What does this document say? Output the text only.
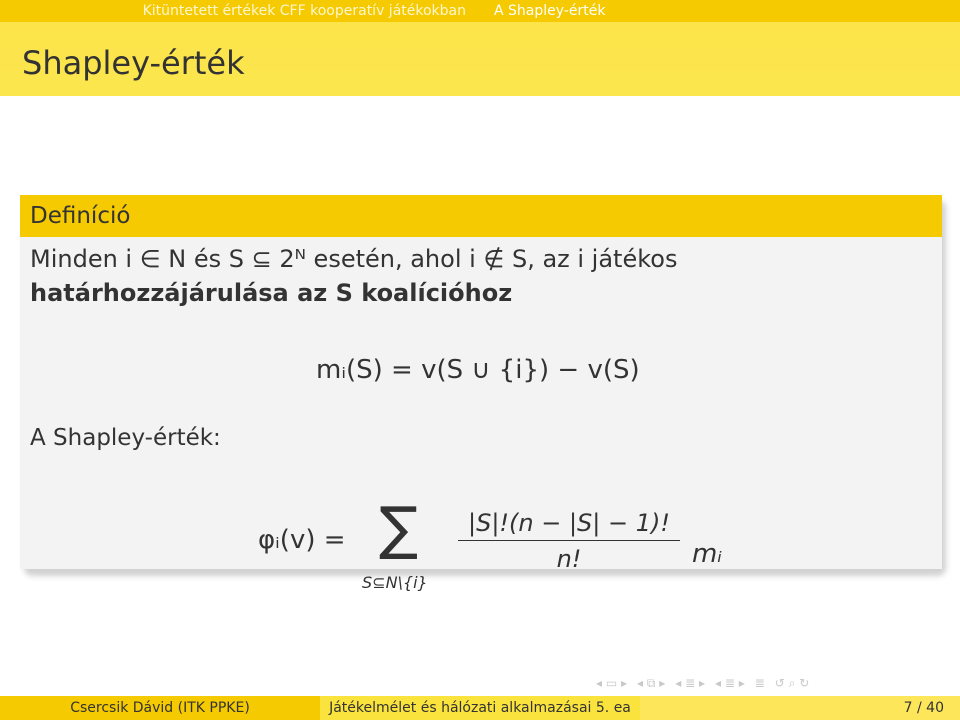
Kitüntetett értékek CFF kooperatív játékokban	A Shapley-érték
Shapley-érték
Definíció
Minden i ∈ N és S ⊆ 2ᴺ esetén, ahol i ∉ S, az i játékos
határhozzájárulása az S koalícióhoz
mᵢ(S) = v(S ∪ {i}) − v(S)
A Shapley-érték:
φᵢ(v) = ∑
S⊆N\{i}
|S|!(n − |S| − 1)!
n!	mᵢ
◂ ▭ ▸ ◂ ⧉ ▸ ◂ ≣ ▸ ◂ ≣ ▸ ≣ ↺ ⌕ ↻
Csercsik Dávid (ITK PPKE)	Játékelmélet és hálózati alkalmazásai 5. ea	7 / 40
